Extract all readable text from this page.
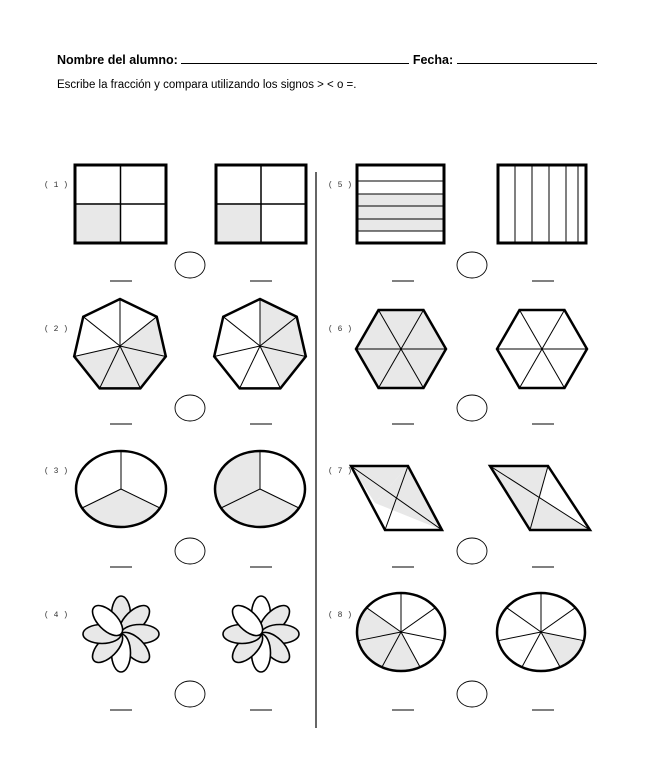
Nombre del alumno:	Fecha:
Escribe la fracción y compara utilizando los signos > < o =.
( 1 )
( 2 )
( 3 )
( 4 )
( 5 )
( 6 )
( 7 )
( 8 )
